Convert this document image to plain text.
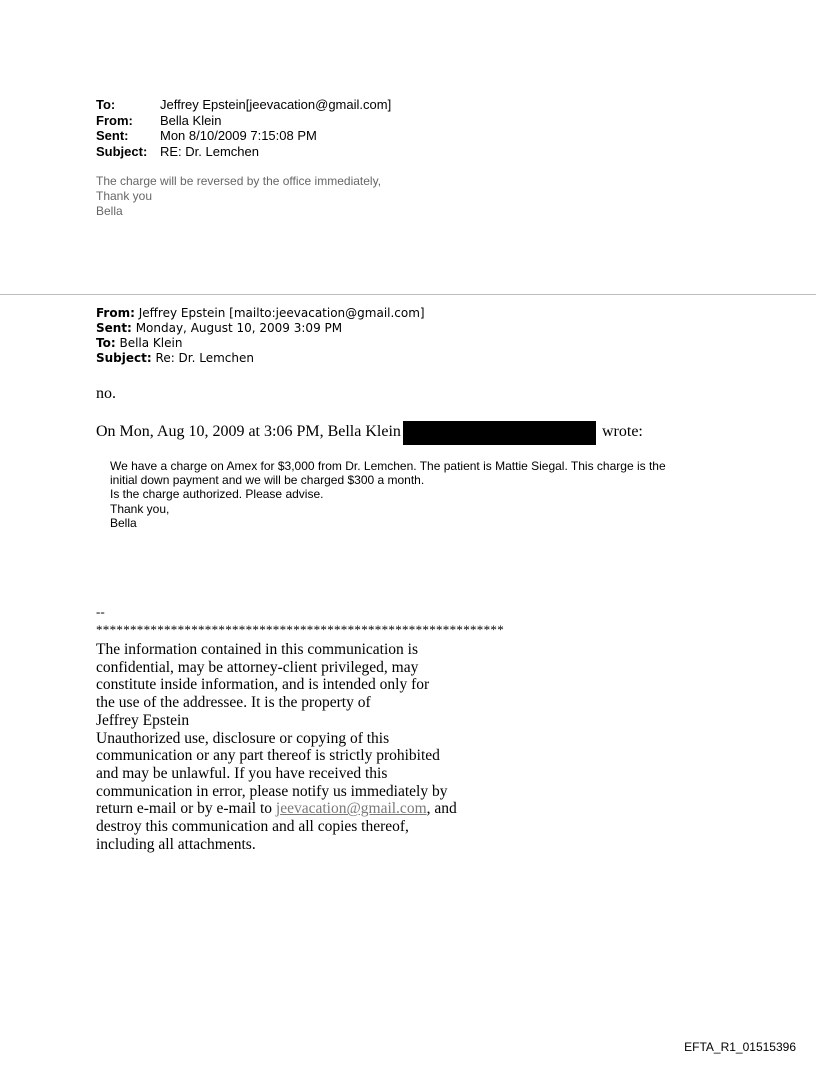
To:	Jeffrey Epstein[jeevacation@gmail.com]
From:	Bella Klein
Sent:	Mon 8/10/2009 7:15:08 PM
Subject: RE: Dr. Lemchen
The charge will be reversed by the office immediately,
Thank you
Bella
From: Jeffrey Epstein [mailto:jeevacation@gmail.com]
Sent: Monday, August 10, 2009 3:09 PM
To: Bella Klein
Subject: Re: Dr. Lemchen
no.
On Mon, Aug 10, 2009 at 3:06 PM, Bella Klein	wrote:
We have a charge on Amex for $3,000 from Dr. Lemchen. The patient is Mattie Siegal. This charge is the
initial down payment and we will be charged $300 a month.
Is the charge authorized. Please advise.
Thank you,
Bella
--
************************************************************
The information contained in this communication is
confidential, may be attorney-client privileged, may
constitute inside information, and is intended only for
the use of the addressee. It is the property of
Jeffrey Epstein
Unauthorized use, disclosure or copying of this
communication or any part thereof is strictly prohibited
and may be unlawful. If you have received this
communication in error, please notify us immediately by
return e-mail or by e-mail to jeevacation@gmail.com, and
destroy this communication and all copies thereof,
including all attachments.
EFTA_R1_01515396
